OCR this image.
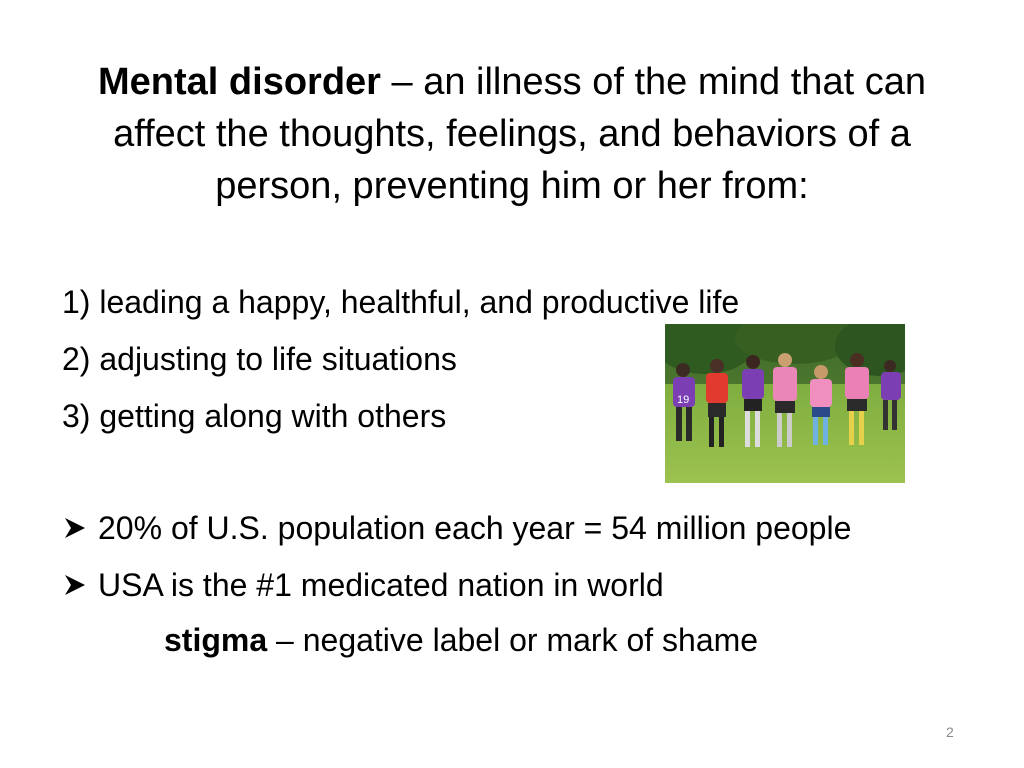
Mental disorder – an illness of the mind that can affect the thoughts, feelings, and behaviors of a person, preventing him or her from:
1) leading a happy, healthful, and productive life
2) adjusting to life situations
3) getting along with others	19
20% of U.S. population each year = 54 million people
USA is the #1 medicated nation in world
stigma – negative label or mark of shame
2
